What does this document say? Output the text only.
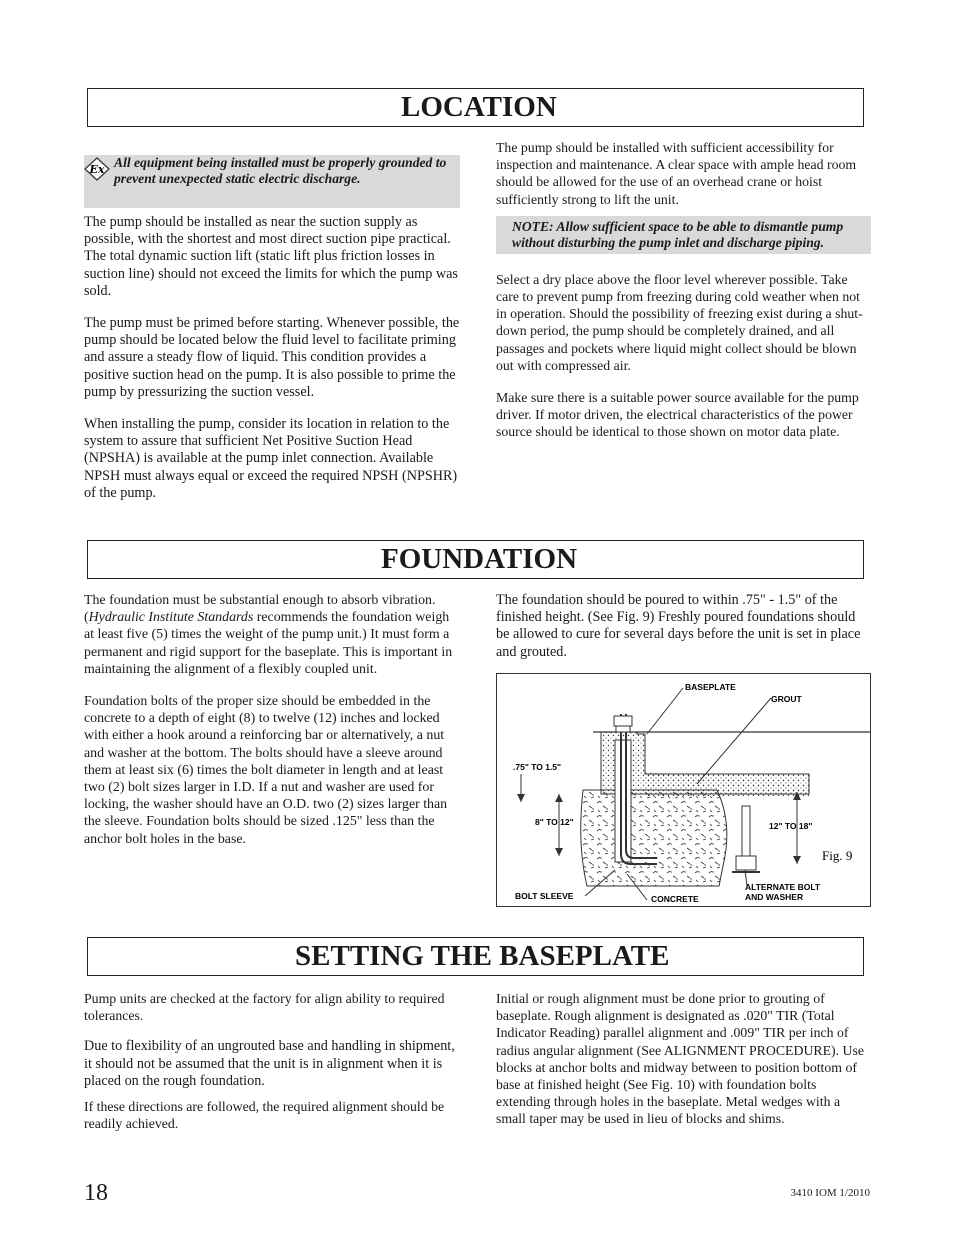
LOCATION
Ex All equipment being installed must be properly grounded to prevent unexpected static electric discharge.

The pump should be installed as near the suction supply as possible, with the shortest and most direct suction pipe practical. The total dynamic suction lift (static lift plus friction losses in suction line) should not exceed the limits for which the pump was sold.

The pump must be primed before starting. Whenever possible, the pump should be located below the fluid level to facilitate priming and assure a steady flow of liquid. This condition provides a positive suction head on the pump. It is also possible to prime the pump by pressurizing the suction vessel.

When installing the pump, consider its location in relation to the system to assure that sufficient Net Positive Suction Head (NPSHA) is available at the pump inlet connection. Available NPSH must always equal or exceed the required NPSH (NPSHR) of the pump.

The pump should be installed with sufficient accessibility for inspection and maintenance. A clear space with ample head room should be allowed for the use of an overhead crane or hoist sufficiently strong to lift the unit.

NOTE: Allow sufficient space to be able to dismantle pump without disturbing the pump inlet and discharge piping.

Select a dry place above the floor level wherever possible. Take care to prevent pump from freezing during cold weather when not in operation. Should the possibility of freezing exist during a shut-down period, the pump should be completely drained, and all passages and pockets where liquid might collect should be blown out with compressed air.

Make sure there is a suitable power source available for the pump driver. If motor driven, the electrical characteristics of the power source should be identical to those shown on motor data plate.

FOUNDATION

The foundation must be substantial enough to absorb vibration. (Hydraulic Institute Standards recommends the foundation weigh at least five (5) times the weight of the pump unit.) It must form a permanent and rigid support for the baseplate. This is important in maintaining the alignment of a flexibly coupled unit.

Foundation bolts of the proper size should be embedded in the concrete to a depth of eight (8) to twelve (12) inches and locked with either a hook around a reinforcing bar or alternatively, a nut and washer at the bottom. The bolts should have a sleeve around them at least six (6) times the bolt diameter in length and at least two (2) bolt sizes larger in I.D. If a nut and washer are used for locking, the washer should have an O.D. two (2) sizes larger than the sleeve. Foundation bolts should be sized .125" less than the anchor bolt holes in the base.

The foundation should be poured to within .75" - 1.5" of the finished height. (See Fig. 9) Freshly poured foundations should be allowed to cure for several days before the unit is set in place and grouted.

BASEPLATE
GROUT
.75" TO 1.5"
8" TO 12"	12" TO 18"
Fig. 9
BOLT SLEEVE	CONCRETE
ALTERNATE BOLT
AND WASHER
SETTING THE BASEPLATE

Pump units are checked at the factory for align ability to required tolerances.

Due to flexibility of an ungrouted base and handling in shipment, it should not be assumed that the unit is in alignment when it is placed on the rough foundation.

If these directions are followed, the required alignment should be readily achieved.

Initial or rough alignment must be done prior to grouting of baseplate. Rough alignment is designated as .020" TIR (Total Indicator Reading) parallel alignment and .009" TIR per inch of radius angular alignment (See ALIGNMENT PROCEDURE). Use blocks at anchor bolts and midway between to position bottom of base at finished height (See Fig. 10) with foundation bolts extending through holes in the baseplate. Metal wedges with a small taper may be used in lieu of blocks and shims.

18	3410 IOM 1/2010
